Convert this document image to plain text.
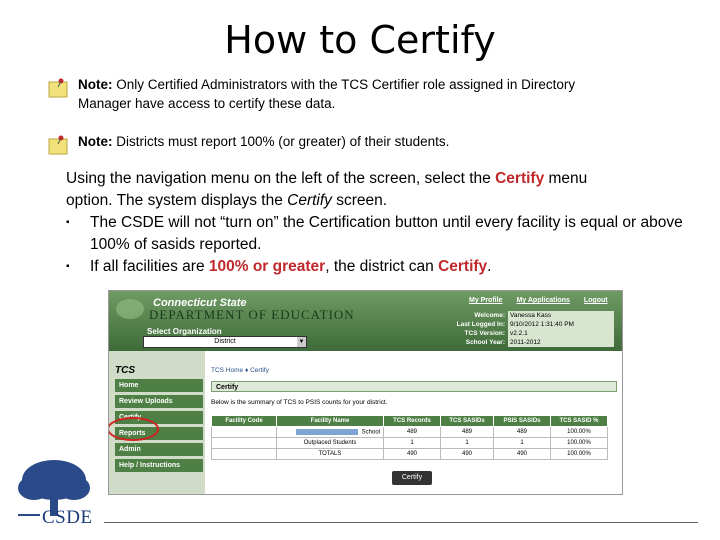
How to Certify
Note: Only Certified Administrators with the TCS Certifier role assigned in Directory
Manager have access to certify these data.
Note: Districts must report 100% (or greater) of their students.
Using the navigation menu on the left of the screen, select the Certify menu
option. The system displays the Certify screen.
▪ The CSDE will not “turn on” the Certification button until every facility is equal or above 100% of sasids reported.
▪ If all facilities are 100% or greater, the district can Certify.
Connecticut State
DEPARTMENT OF EDUCATION
Select Organization
District	▼
My Profile My Applications Logout
Welcome: Vanessa Kass
Last Logged In: 9/10/2012 1:31:40 PM
TCS Version: v2.2.1
School Year: 2011-2012
TCS
Home
Review Uploads
Certify
Reports
Admin
Help / Instructions
TCS Home ♦ Certify
Certify
Below is the summary of TCS to PSIS counts for your district.
Facility Code	Facility Name	TCS Records	TCS SASIDs	PSIS SASIDs	TCS SASID %
	School	489	489	489	100.00%
	Outplaced Students	1	1	1	100.00%
	TOTALS	490	490	490	100.00%
Certify
CSDE
